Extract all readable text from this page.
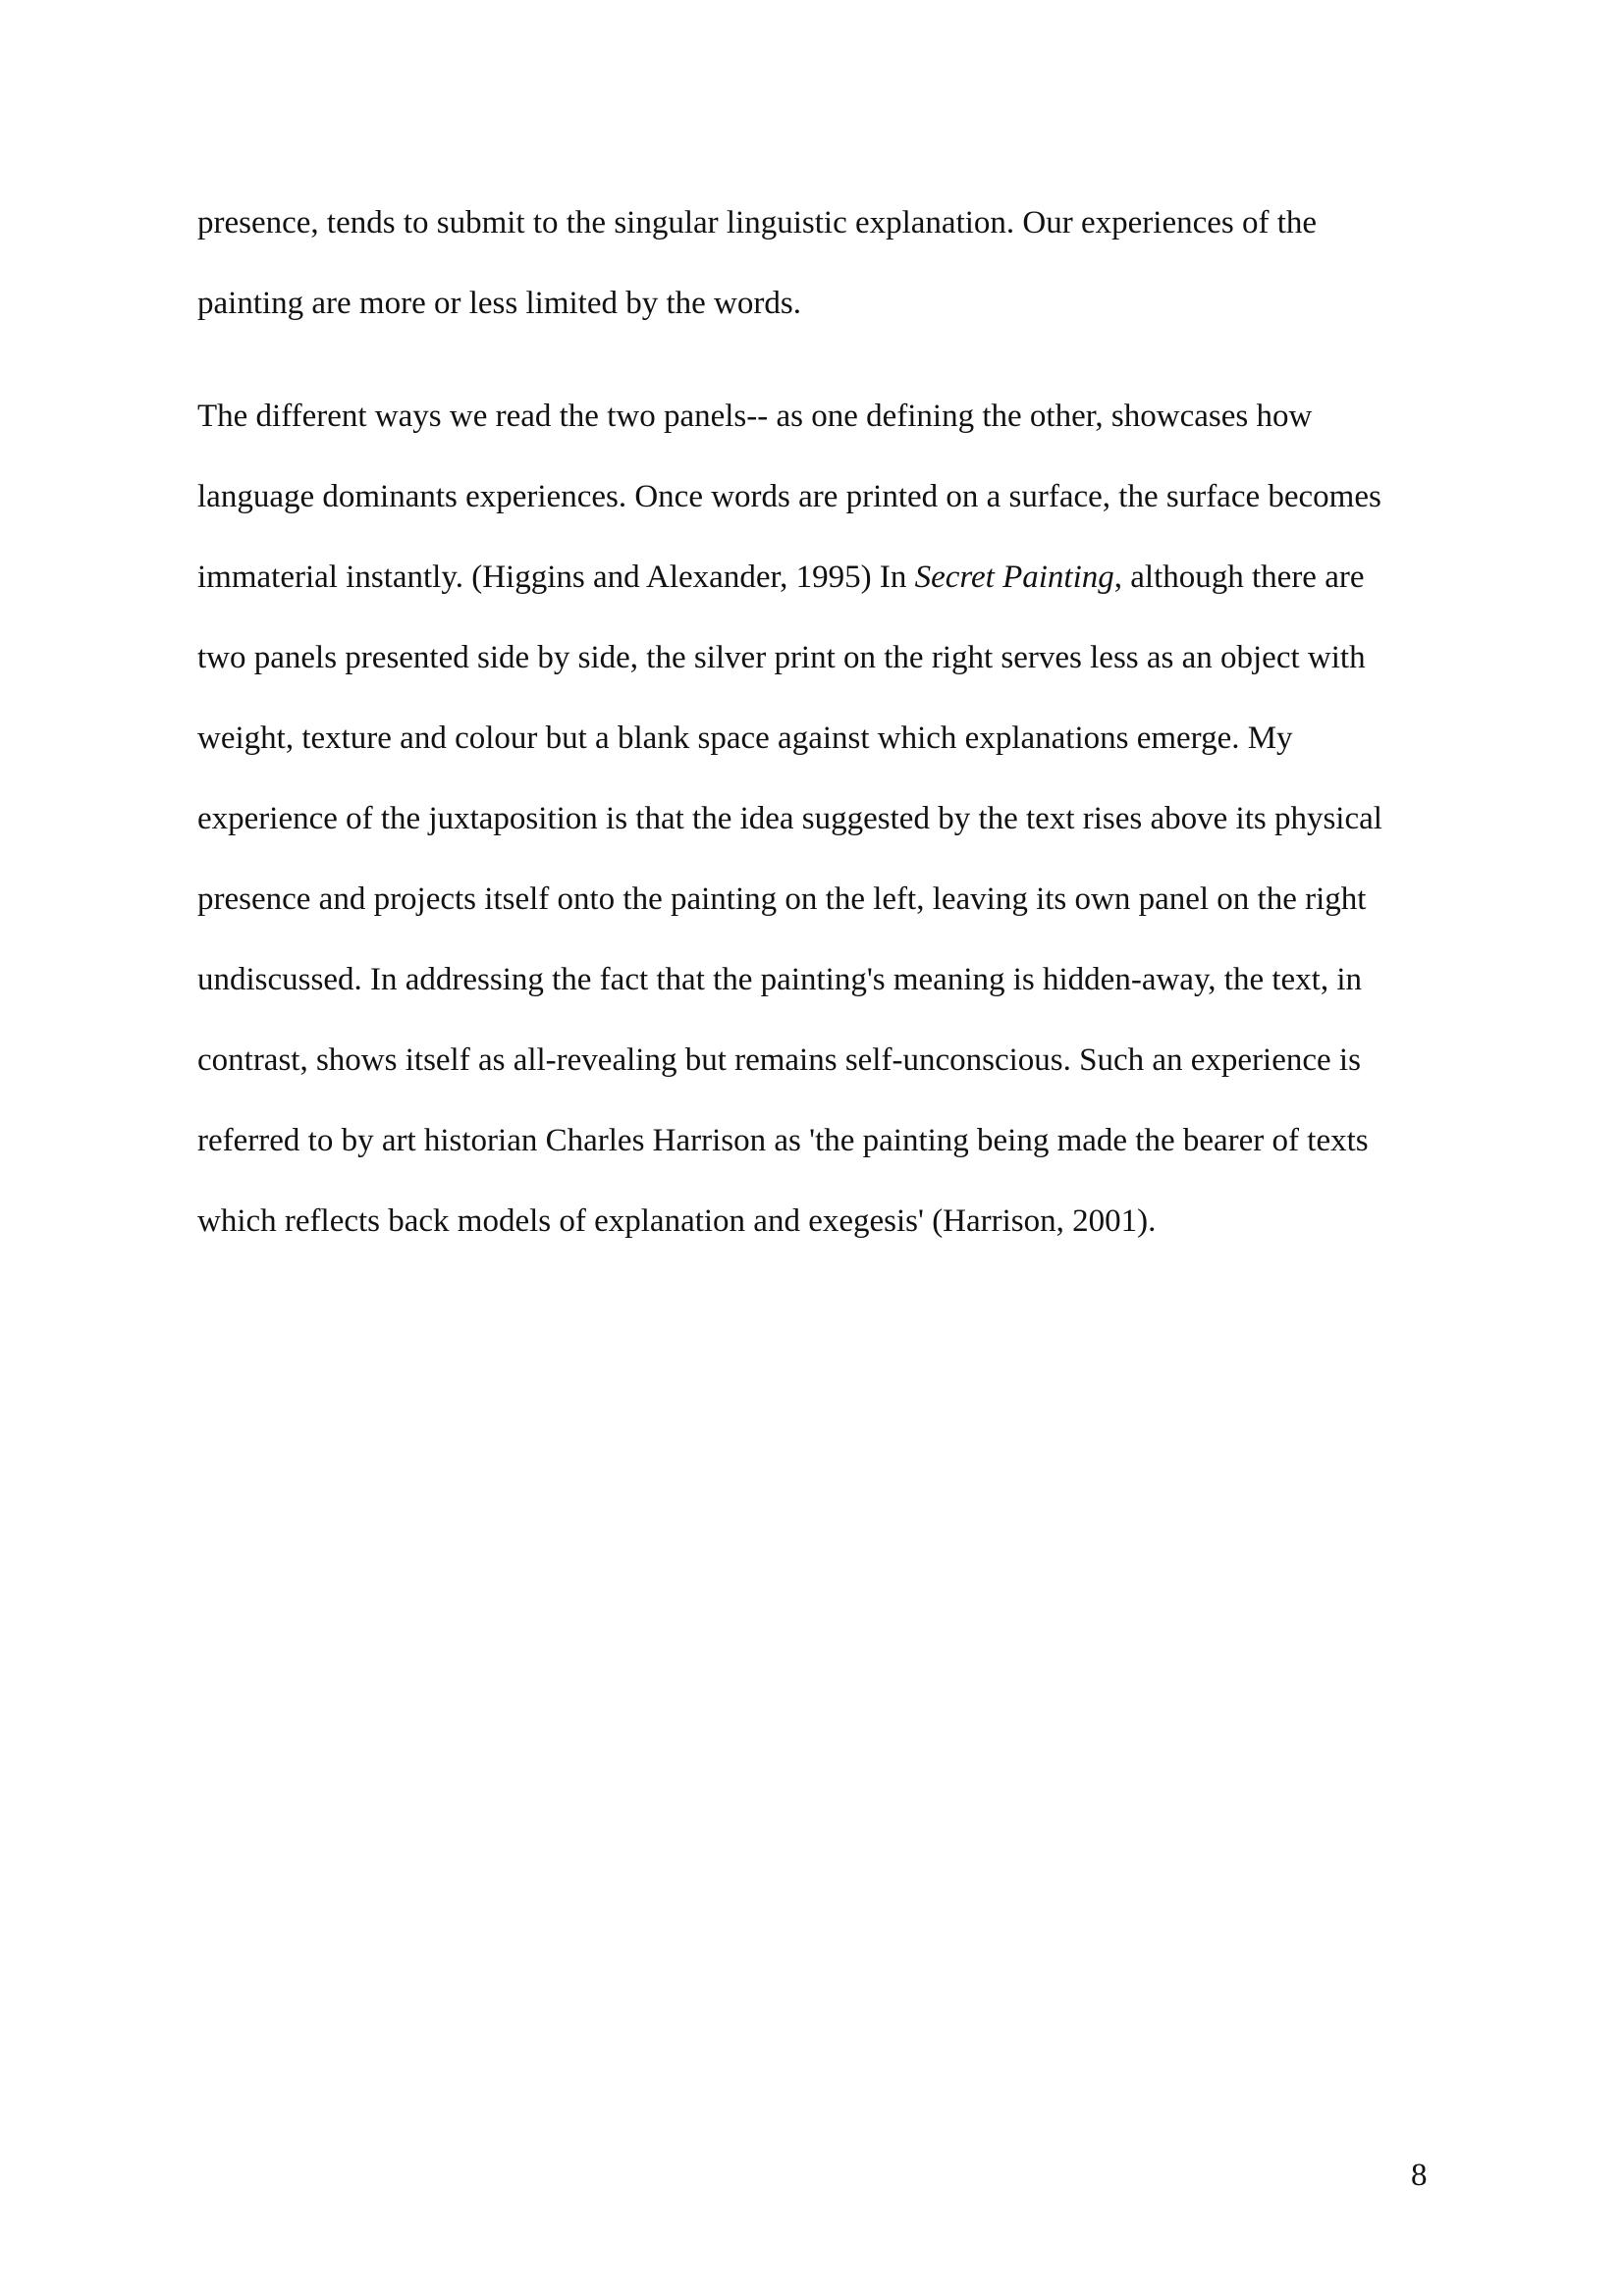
presence, tends to submit to the singular linguistic explanation. Our experiences of the

painting are more or less limited by the words.

The different ways we read the two panels-- as one defining the other, showcases how

language dominants experiences. Once words are printed on a surface, the surface becomes

immaterial instantly. (Higgins and Alexander, 1995) In Secret Painting, although there are

two panels presented side by side, the silver print on the right serves less as an object with

weight, texture and colour but a blank space against which explanations emerge. My

experience of the juxtaposition is that the idea suggested by the text rises above its physical

presence and projects itself onto the painting on the left, leaving its own panel on the right

undiscussed. In addressing the fact that the painting's meaning is hidden-away, the text, in

contrast, shows itself as all-revealing but remains self-unconscious. Such an experience is

referred to by art historian Charles Harrison as 'the painting being made the bearer of texts

which reflects back models of explanation and exegesis' (Harrison, 2001).

8
